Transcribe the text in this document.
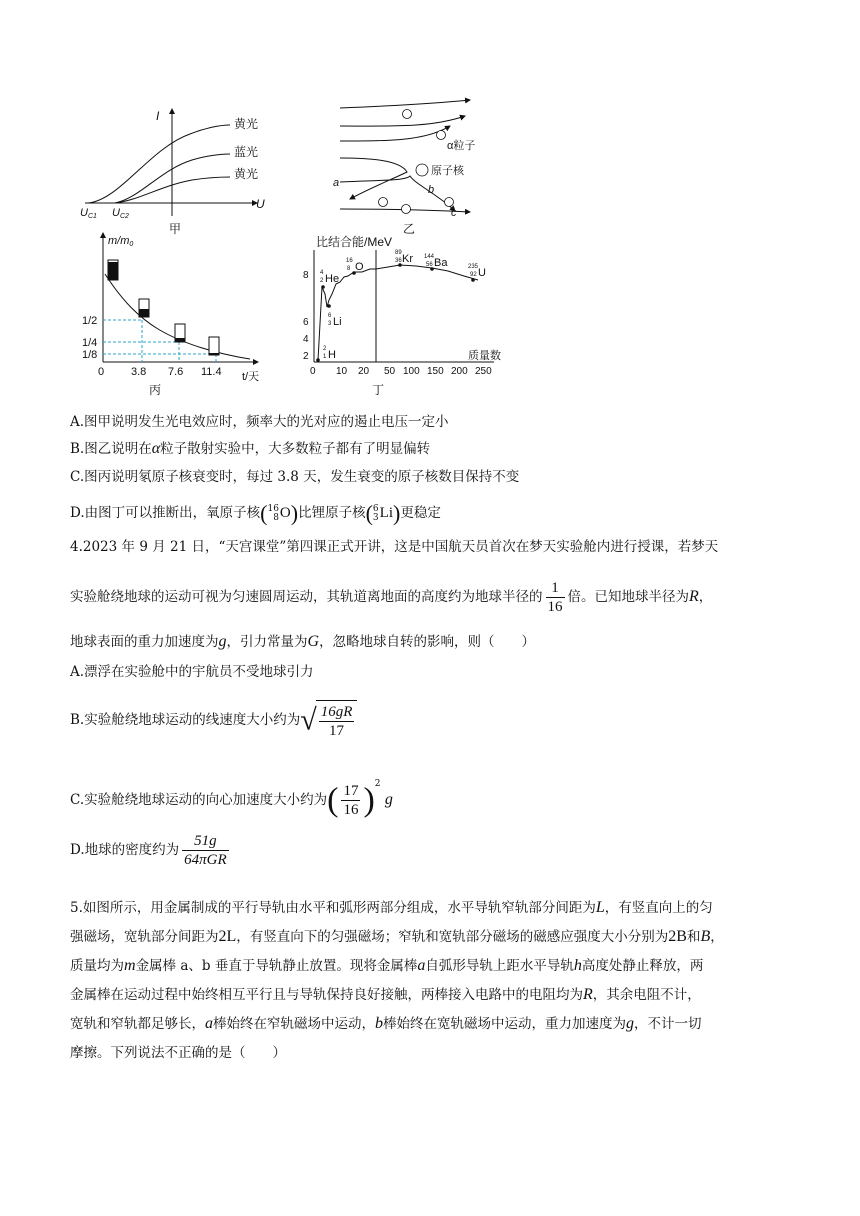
I
U
黄光
蓝光
黄光
UC1 UC2
甲
α粒子
原子核
a
b
c
乙
m/m0
t/天
1/2
1/4
1/8
0 3.8 7.6 11.4
丙
比结合能/MeV
质量数
2
4
6
8
0 10 20 50 100 150 200 250
4
2 He
16
8 O
89
36 Kr 144
56 Ba	235
92 U
6
3 Li
2
1 H
丁
A.图甲说明发生光电效应时，频率大的光对应的遏止电压一定小
B.图乙说明在α粒子散射实验中，大多数粒子都有了明显偏转
C.图丙说明氡原子核衰变时，每过 3.8 天，发生衰变的原子核数目保持不变
D.由图丁可以推断出，氧原子核( 16
8 O)比锂原子核( 6
3 Li)更稳定
4.2023 年 9 月 21 日，“天宫课堂”第四课正式开讲，这是中国航天员首次在梦天实验舱内进行授课，若梦天
实验舱绕地球的运动可视为匀速圆周运动，其轨道离地面的高度约为地球半径的 $\frac{1}{16}$ 倍。已知地球半径为R，
地球表面的重力加速度为g，引力常量为G，忽略地球自转的影响，则（　　）
A.漂浮在实验舱中的宇航员不受地球引力
B.实验舱绕地球运动的线速度大小约为√ $\frac{16gR}{17}$
C.实验舱绕地球运动的向心加速度大小约为( $\frac{17}{16} )^2$ g
D.地球的密度约为 $\frac{51g}{\text{64πGR}}$
5.如图所示，用金属制成的平行导轨由水平和弧形两部分组成，水平导轨窄轨部分间距为L，有竖直向上的匀
强磁场，宽轨部分间距为2L，有竖直向下的匀强磁场；窄轨和宽轨部分磁场的磁感应强度大小分别为2B和B，
质量均为m金属棒 a、b 垂直于导轨静止放置。现将金属棒a自弧形导轨上距水平导轨h高度处静止释放，两
金属棒在运动过程中始终相互平行且与导轨保持良好接触，两棒接入电路中的电阻均为R，其余电阻不计，
宽轨和窄轨都足够长，a棒始终在窄轨磁场中运动，b棒始终在宽轨磁场中运动，重力加速度为g，不计一切
摩擦。下列说法不正确的是（　　）
